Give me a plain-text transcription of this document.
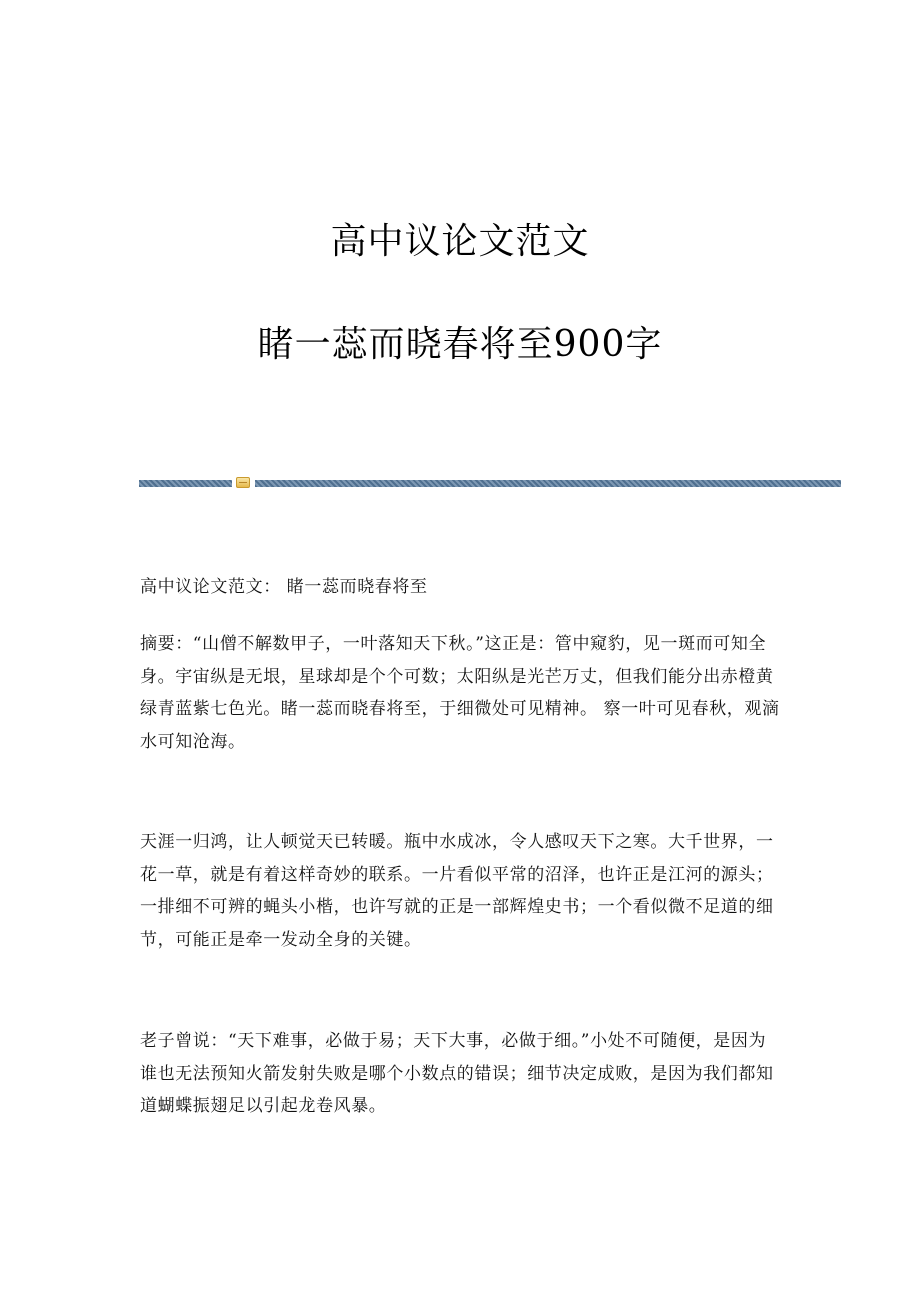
高中议论文范文
睹一蕊而晓春将至900字

高中议论文范文： 睹一蕊而晓春将至

摘要：“山僧不解数甲子，一叶落知天下秋。”这正是：管中窥豹，见一斑而可知全身。宇宙纵是无垠，星球却是个个可数；太阳纵是光芒万丈，但我们能分出赤橙黄绿青蓝紫七色光。睹一蕊而晓春将至，于细微处可见精神。 察一叶可见春秋，观滴水可知沧海。

天涯一归鸿，让人顿觉天已转暖。瓶中水成冰，令人感叹天下之寒。大千世界，一花一草，就是有着这样奇妙的联系。一片看似平常的沼泽，也许正是江河的源头；一排细不可辨的蝇头小楷，也许写就的正是一部辉煌史书；一个看似微不足道的细节，可能正是牵一发动全身的关键。

老子曾说：“天下难事，必做于易；天下大事，必做于细。”小处不可随便，是因为谁也无法预知火箭发射失败是哪个小数点的错误；细节决定成败，是因为我们都知道蝴蝶振翅足以引起龙卷风暴。
